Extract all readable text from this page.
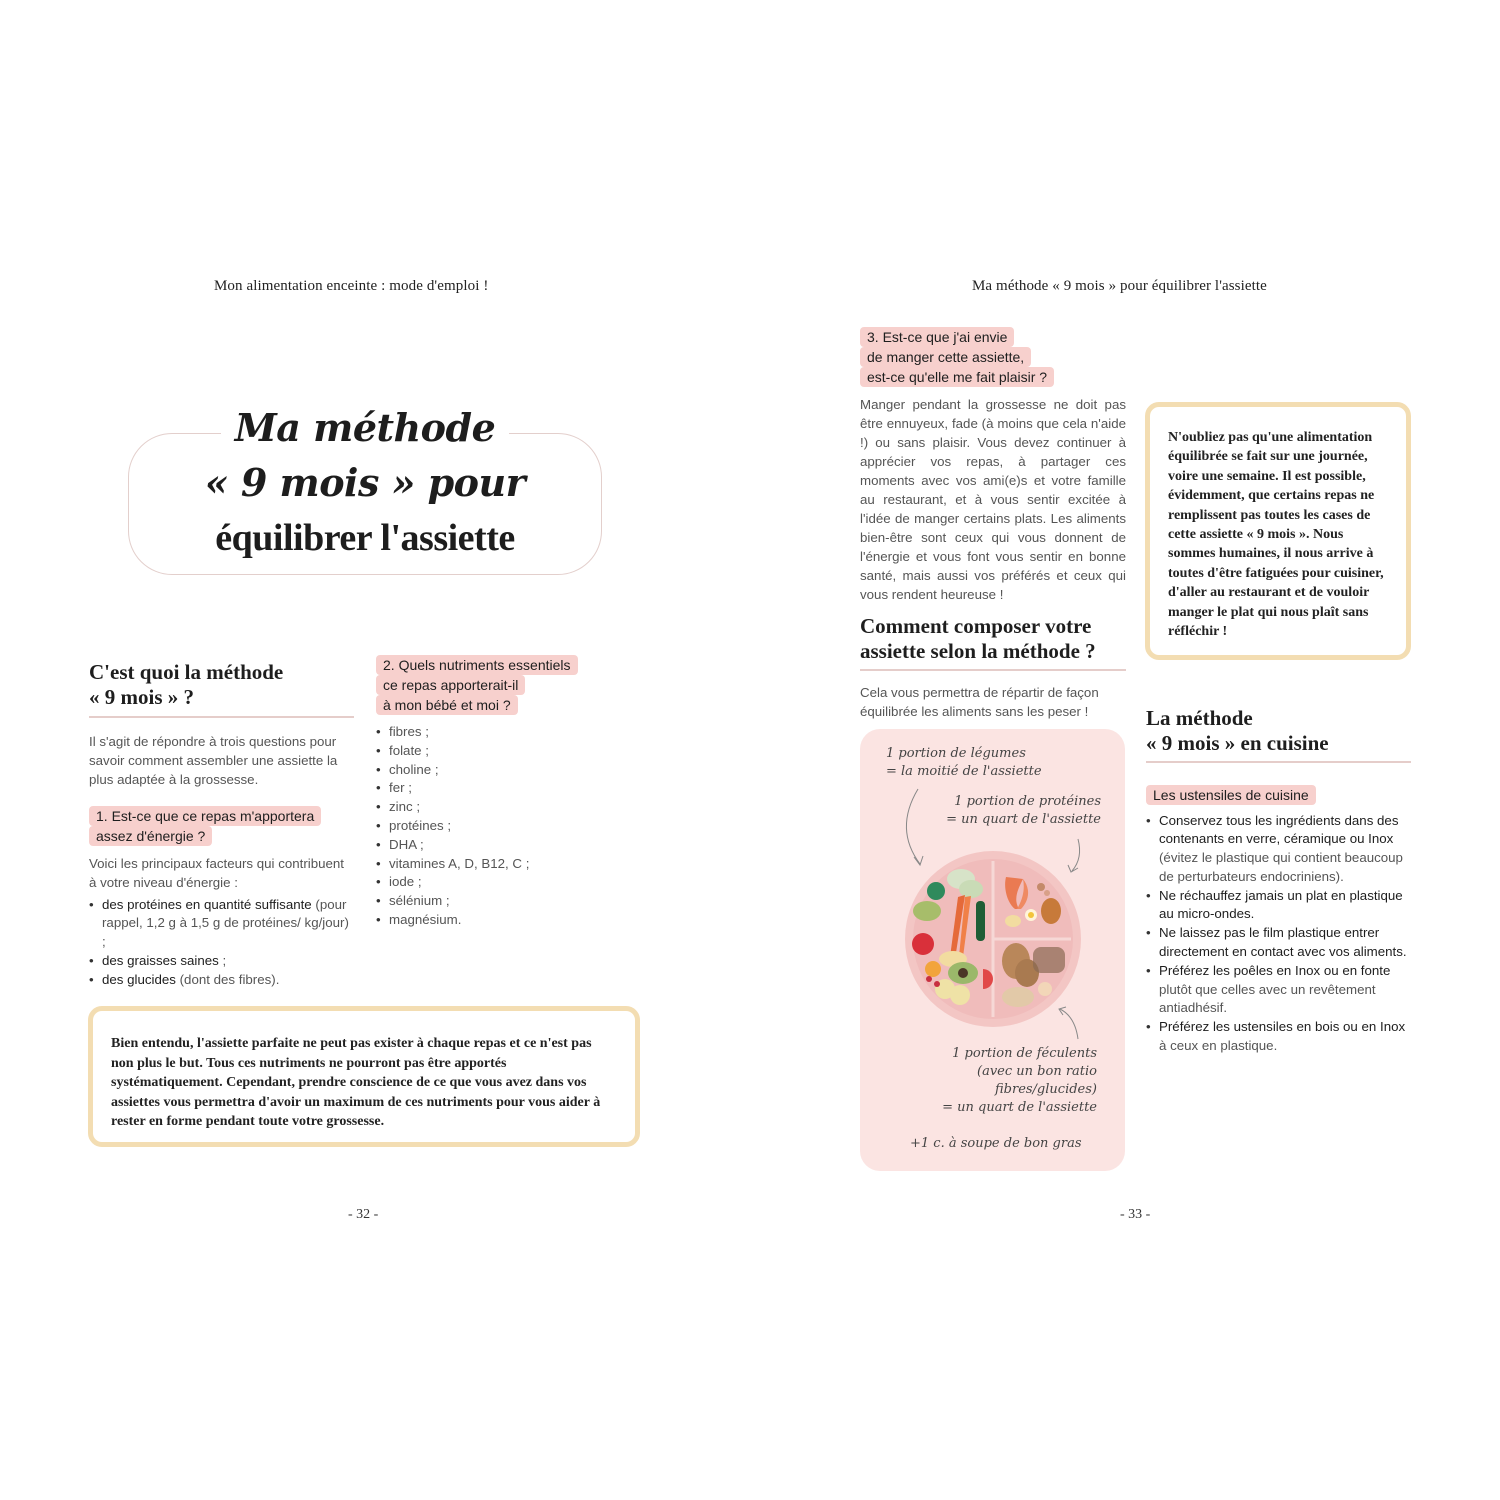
Mon alimentation enceinte : mode d'emploi !
Ma méthode
« 9 mois » pour
équilibrer l'assiette
C'est quoi la méthode
« 9 mois » ?
Il s'agit de répondre à trois questions pour savoir comment assembler une assiette la plus adaptée à la grossesse.
1. Est-ce que ce repas m'apportera
assez d'énergie ?
Voici les principaux facteurs qui contribuent à votre niveau d'énergie :
• des protéines en quantité suffisante (pour rappel, 1,2 g à 1,5 g de protéines/ kg/jour) ;
• des graisses saines ;
• des glucides (dont des fibres).
2. Quels nutriments essentiels
ce repas apporterait-il
à mon bébé et moi ?
• fibres ;
• folate ;
• choline ;
• fer ;
• zinc ;
• protéines ;
• DHA ;
• vitamines A, D, B12, C ;
• iode ;
• sélénium ;
• magnésium.
Bien entendu, l'assiette parfaite ne peut pas exister à chaque repas et ce n'est pas non plus le but. Tous ces nutriments ne pourront pas être apportés systématiquement. Cependant, prendre conscience de ce que vous avez dans vos assiettes vous permettra d'avoir un maximum de ces nutriments pour vous aider à rester en forme pendant toute votre grossesse.
- 32 -
Ma méthode « 9 mois » pour équilibrer l'assiette
3. Est-ce que j'ai envie
de manger cette assiette,
est-ce qu'elle me fait plaisir ?
Manger pendant la grossesse ne doit pas être ennuyeux, fade (à moins que cela n'aide !) ou sans plaisir. Vous devez continuer à apprécier vos repas, à partager ces moments avec vos ami(e)s et votre famille au restaurant, et à vous sentir excitée à l'idée de manger certains plats. Les aliments bien-être sont ceux qui vous donnent de l'énergie et vous font vous sentir en bonne santé, mais aussi vos préférés et ceux qui vous rendent heureuse !
N'oubliez pas qu'une alimentation équilibrée se fait sur une journée, voire une semaine. Il est possible, évidemment, que certains repas ne remplissent pas toutes les cases de cette assiette « 9 mois ». Nous sommes humaines, il nous arrive à toutes d'être fatiguées pour cuisiner, d'aller au restaurant et de vouloir manger le plat qui nous plaît sans réfléchir !
Comment composer votre
assiette selon la méthode ?
Cela vous permettra de répartir de façon équilibrée les aliments sans les peser !
1 portion de légumes
= la moitié de l'assiette
1 portion de protéines
= un quart de l'assiette
1 portion de féculents
(avec un bon ratio
fibres/glucides)
= un quart de l'assiette
+1 c. à soupe de bon gras
La méthode
« 9 mois » en cuisine
Les ustensiles de cuisine
• Conservez tous les ingrédients dans des contenants en verre, céramique ou Inox (évitez le plastique qui contient beaucoup de perturbateurs endocriniens).
• Ne réchauffez jamais un plat en plastique au micro-ondes.
• Ne laissez pas le film plastique entrer directement en contact avec vos aliments.
• Préférez les poêles en Inox ou en fonte plutôt que celles avec un revêtement antiadhésif.
• Préférez les ustensiles en bois ou en Inox à ceux en plastique.
- 33 -
